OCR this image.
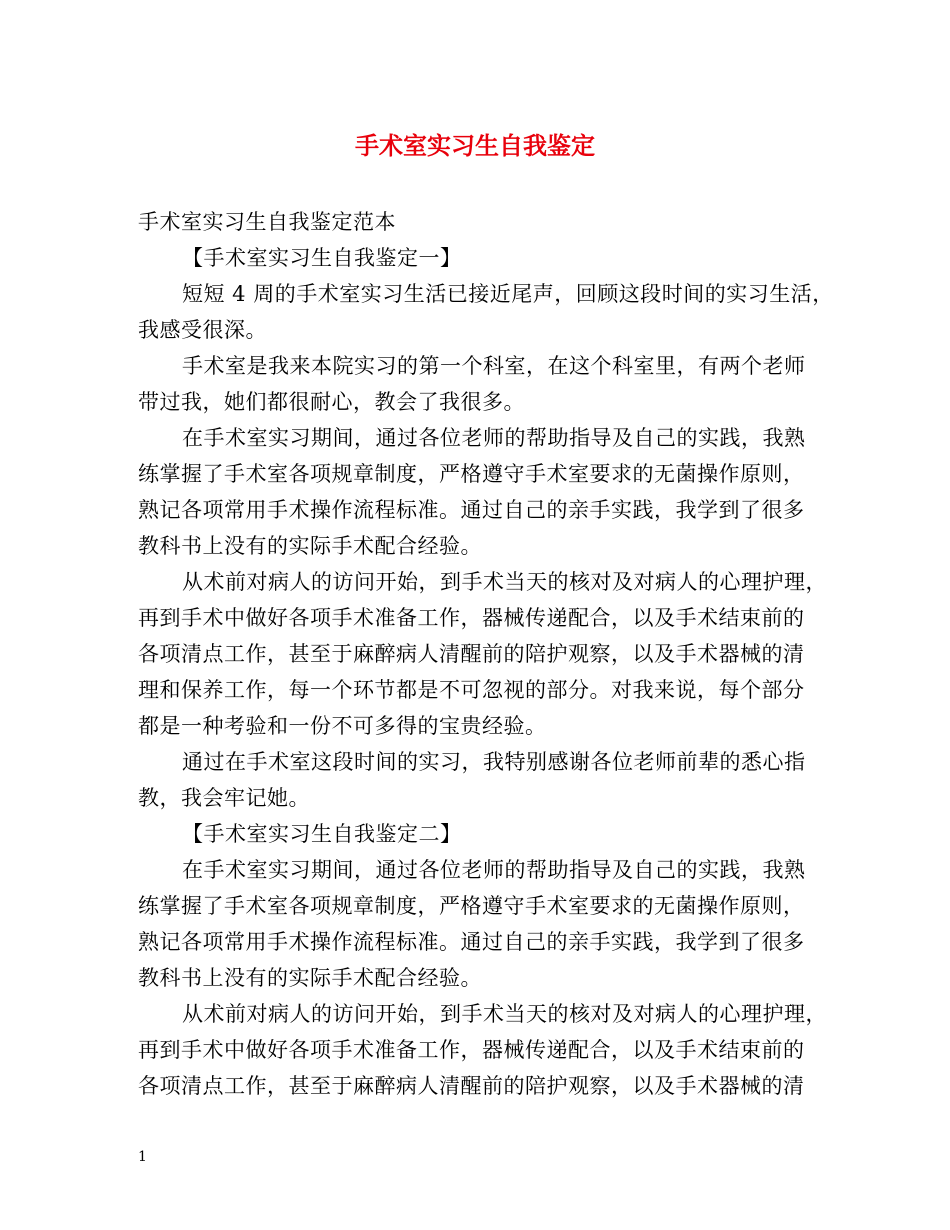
手术室实习生自我鉴定
手术室实习生自我鉴定范本
【手术室实习生自我鉴定一】
短短 4 周的手术室实习生活已接近尾声，回顾这段时间的实习生活，
我感受很深。
手术室是我来本院实习的第一个科室，在这个科室里，有两个老师
带过我，她们都很耐心，教会了我很多。
在手术室实习期间，通过各位老师的帮助指导及自己的实践，我熟
练掌握了手术室各项规章制度，严格遵守手术室要求的无菌操作原则，
熟记各项常用手术操作流程标准。通过自己的亲手实践，我学到了很多
教科书上没有的实际手术配合经验。
从术前对病人的访问开始，到手术当天的核对及对病人的心理护理，
再到手术中做好各项手术准备工作，器械传递配合，以及手术结束前的
各项清点工作，甚至于麻醉病人清醒前的陪护观察，以及手术器械的清
理和保养工作，每一个环节都是不可忽视的部分。对我来说，每个部分
都是一种考验和一份不可多得的宝贵经验。
通过在手术室这段时间的实习，我特别感谢各位老师前辈的悉心指
教，我会牢记她。
【手术室实习生自我鉴定二】
在手术室实习期间，通过各位老师的帮助指导及自己的实践，我熟
练掌握了手术室各项规章制度，严格遵守手术室要求的无菌操作原则，
熟记各项常用手术操作流程标准。通过自己的亲手实践，我学到了很多
教科书上没有的实际手术配合经验。
从术前对病人的访问开始，到手术当天的核对及对病人的心理护理，
再到手术中做好各项手术准备工作，器械传递配合，以及手术结束前的
各项清点工作，甚至于麻醉病人清醒前的陪护观察，以及手术器械的清
1
